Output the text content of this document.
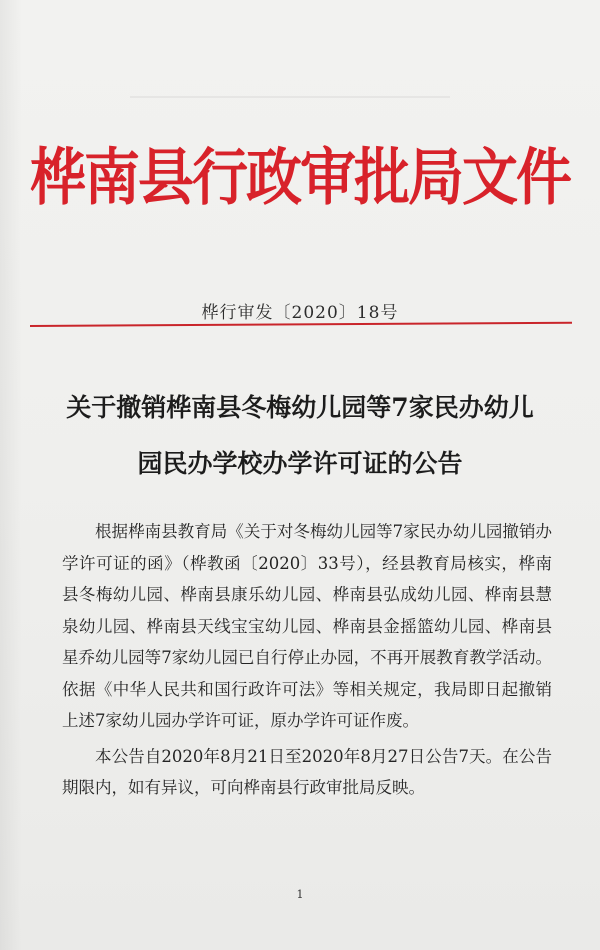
桦南县行政审批局文件
桦行审发〔2020〕18号
关于撤销桦南县冬梅幼儿园等7家民办幼儿
园民办学校办学许可证的公告

根据桦南县教育局《关于对冬梅幼儿园等7家民办幼儿园撤销办学许可证的函》（桦教函〔2020〕33号），经县教育局核实，桦南县冬梅幼儿园、桦南县康乐幼儿园、桦南县弘成幼儿园、桦南县慧泉幼儿园、桦南县天线宝宝幼儿园、桦南县金摇篮幼儿园、桦南县星乔幼儿园等7家幼儿园已自行停止办园，不再开展教育教学活动。依据《中华人民共和国行政许可法》等相关规定，我局即日起撤销上述7家幼儿园办学许可证，原办学许可证作废。

本公告自2020年8月21日至2020年8月27日公告7天。在公告期限内，如有异议，可向桦南县行政审批局反映。

1
